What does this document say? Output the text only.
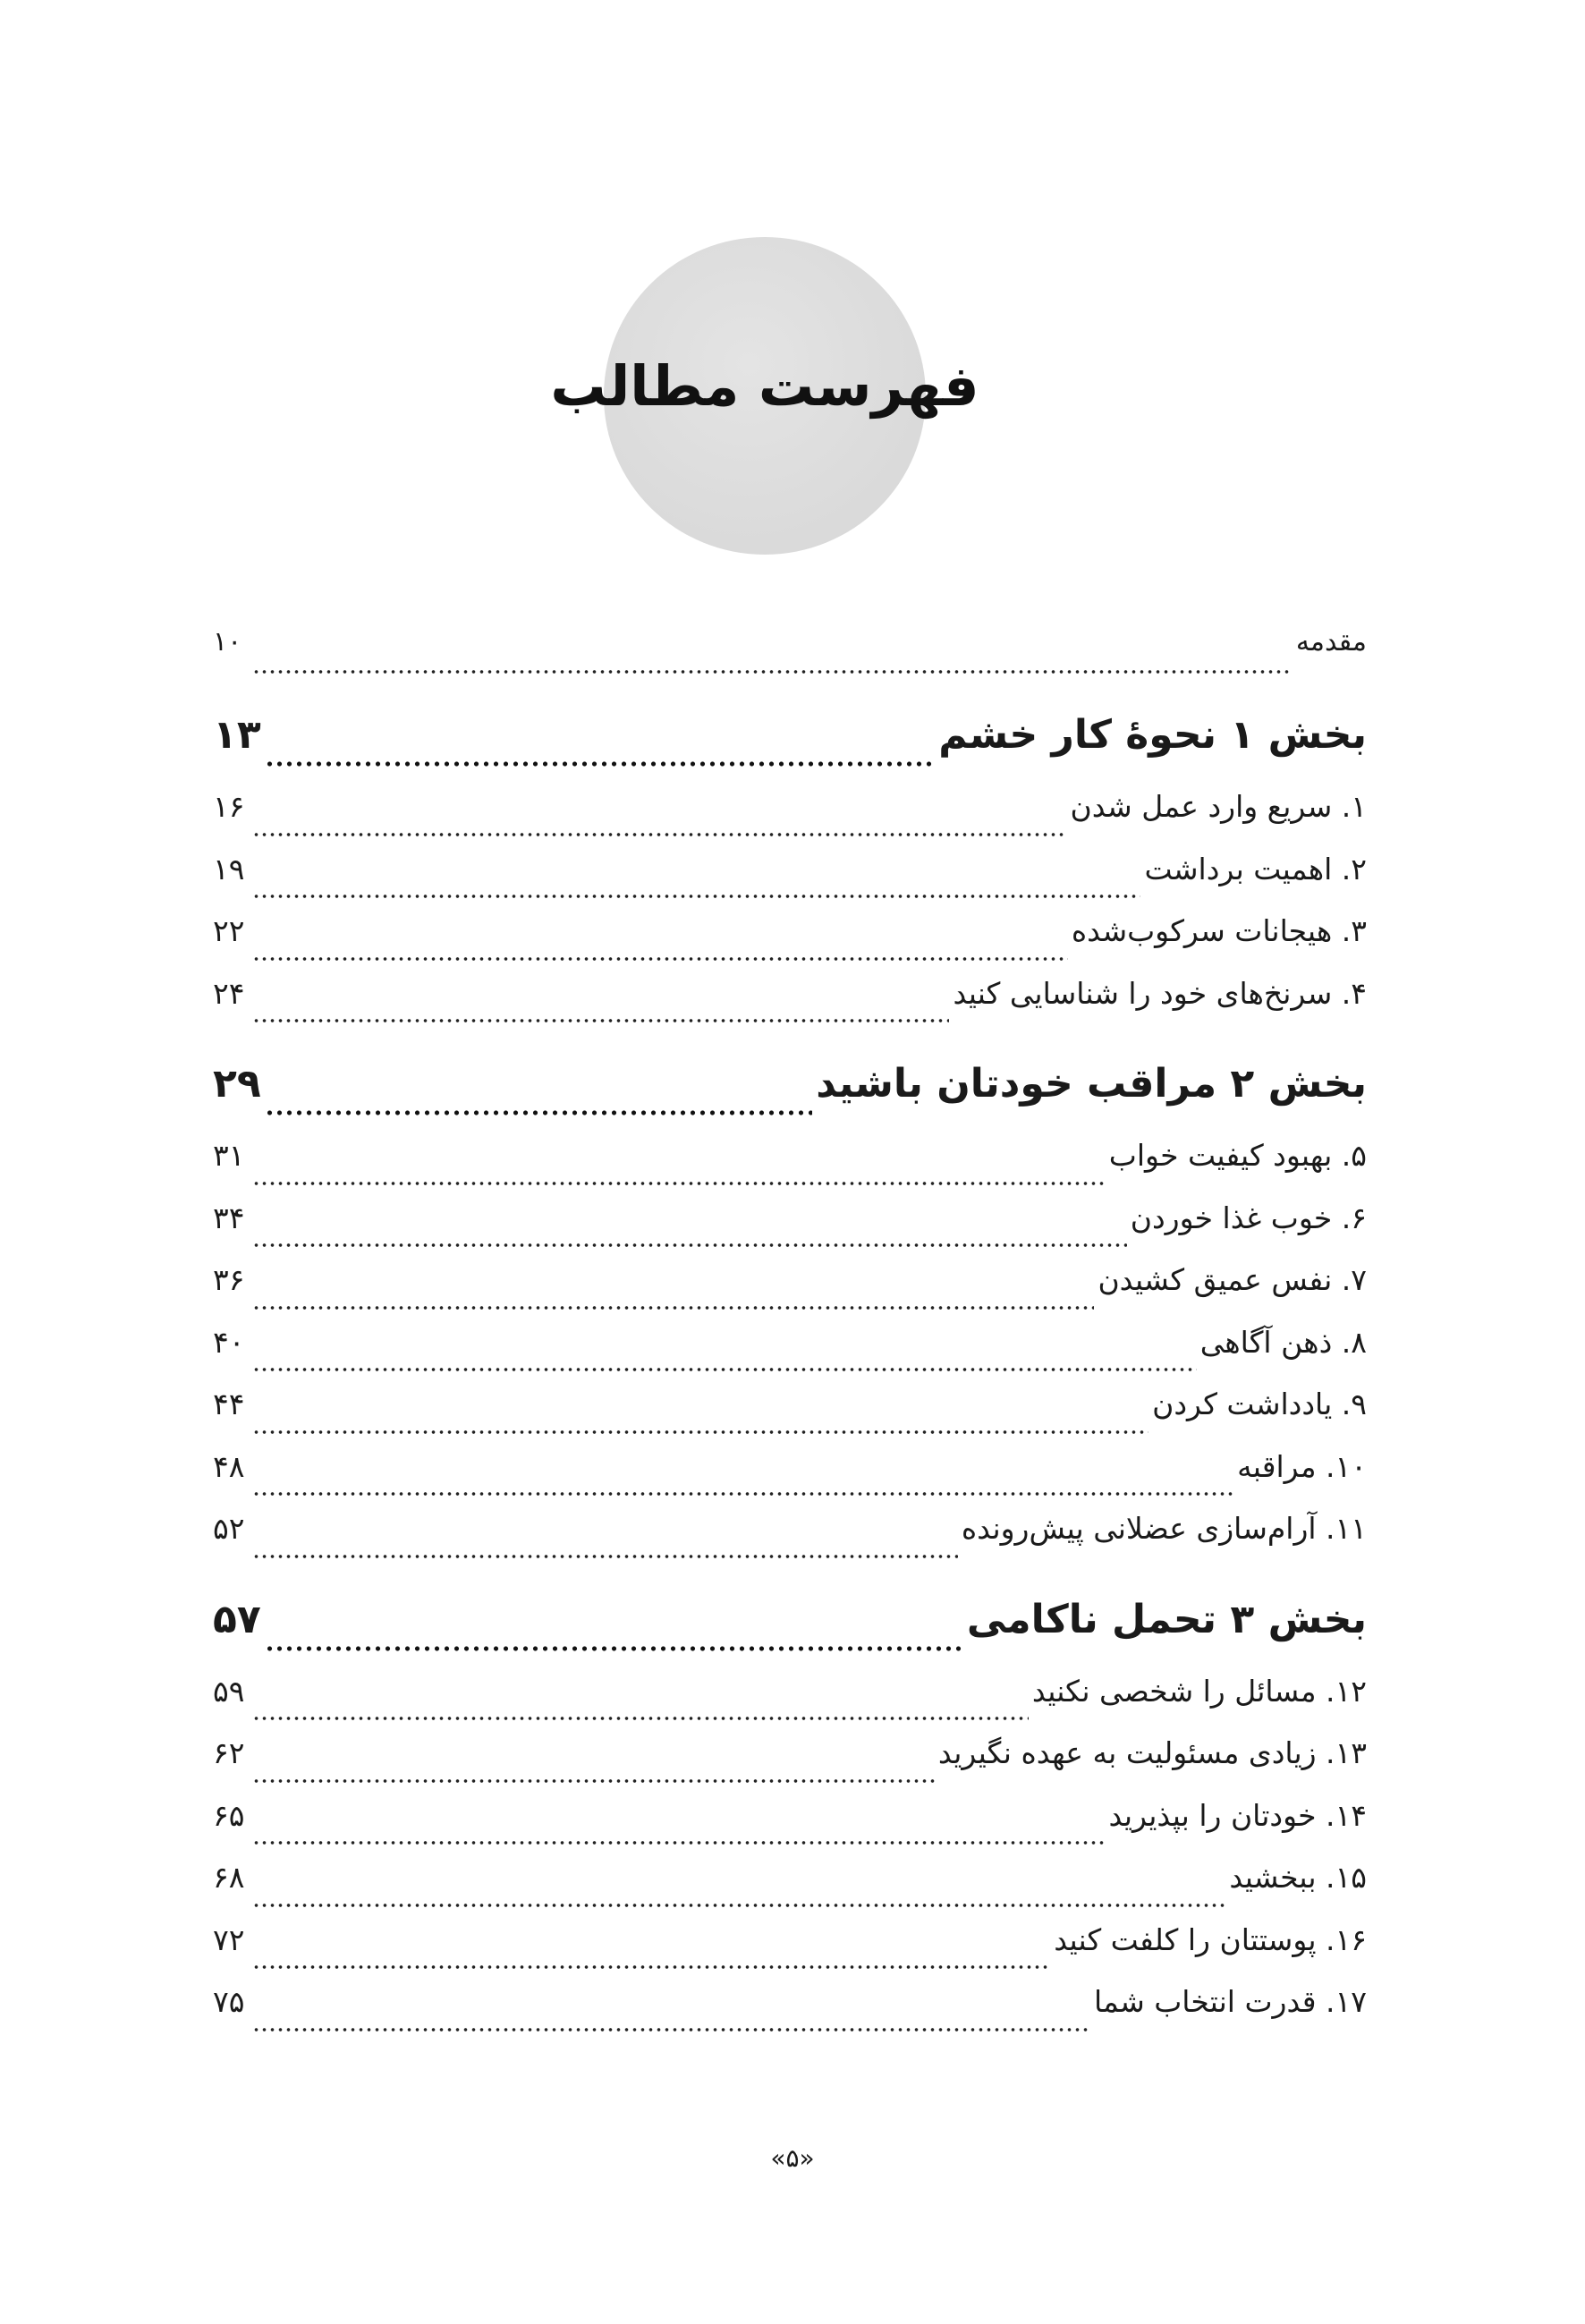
فهرست مطالب
مقدمه
۱۰
بخش ۱ نحوهٔ کار خشم
۱۳
۱. سریع وارد عمل شدن
۱۶
۲. اهمیت برداشت
۱۹
۳. هیجانات سرکوب‌شده
۲۲
۴. سرنخ‌های خود را شناسایی کنید
۲۴
بخش ۲ مراقب خودتان باشید
۲۹
۵. بهبود کیفیت خواب
۳۱
۶. خوب غذا خوردن
۳۴
۷. نفس عمیق کشیدن
۳۶
۸. ذهن آگاهی
۴۰
۹. یادداشت کردن
۴۴
۱۰. مراقبه
۴۸
۱۱. آرام‌سازی عضلانی پیش‌رونده
۵۲
بخش ۳ تحمل ناکامی
۵۷
۱۲. مسائل را شخصی نکنید
۵۹
۱۳. زیادی مسئولیت به عهده نگیرید
۶۲
۱۴. خودتان را بپذیرید
۶۵
۱۵. ببخشید
۶۸
۱۶. پوستتان را کلفت کنید
۷۲
۱۷. قدرت انتخاب شما
۷۵
«۵»
